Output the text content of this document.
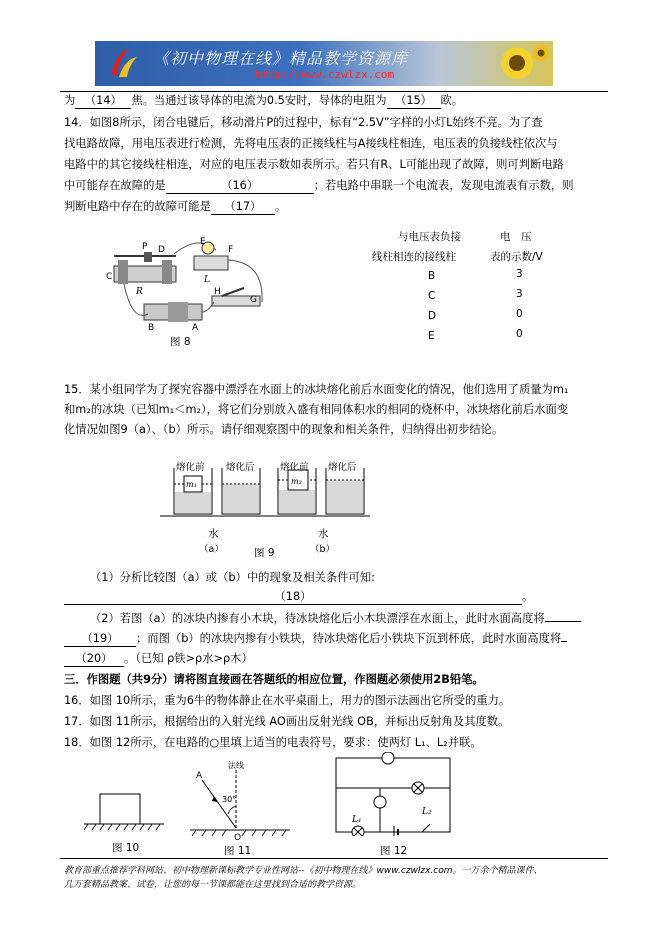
《初中物理在线》精品教学资源库
http://www.czwlzx.com
为 （14） 焦。当通过该导体的电流为0.5安时，导体的电阻为 （15） 欧。
14．如图8所示，闭合电键后，移动滑片P的过程中，标有“2.5V”字样的小灯L始终不亮。为了查
找电路故障，用电压表进行检测，先将电压表的正接线柱与A接线柱相连，电压表的负接线柱依次与
电路中的其它接线柱相连，对应的电压表示数如表所示。若只有R、L可能出现了故障，则可判断电路
中可能存在故障的是	（16）	；若电路中串联一个电流表，发现电流表有示数，则
判断电路中存在的故障可能是 （17） 。
P D
C
R
E
F
L
H
G
B	A
图 8
与电压表负接
线柱相连的接线柱
电　压
表的示数/V
B	3
C	3
D	0
E	0
15．某小组同学为了探究容器中漂浮在水面上的冰块熔化前后水面变化的情况，他们选用了质量为m₁
和m₂的冰块（已知m₁＜m₂），将它们分别放入盛有相同体积水的相同的烧杯中，冰块熔化前后水面变
化情况如图9（a）、（b）所示。请仔细观察图中的现象和相关条件，归纳得出初步结论。
m₁	m₂
熔化前 熔化后	熔化前 熔化后
水	水
（a）	（b）
图 9
（1）分析比较图（a）或（b）中的现象及相关条件可知:
（18）	。
（2）若图（a）的冰块内掺有小木块，待冰块熔化后小木块漂浮在水面上，此时水面高度将
（19） ；而图（b）的冰块内掺有小铁块，待冰块熔化后小铁块下沉到杯底，此时水面高度将
（20） 。（已知 ρ铁>ρ水>ρ木）
三．作图题（共9分）请将图直接画在答题纸的相应位置，作图题必须使用2B铅笔。
16．如图 10所示，重为6牛的物体静止在水平桌面上，用力的图示法画出它所受的重力。
17．如图 11所示，根据给出的入射光线 AO画出反射光线 OB，并标出反射角及其度数。
18．如图 12所示，在电路的○里填上适当的电表符号，要求：使两灯 L₁、L₂并联。
图 10
法线
A
30°
O
图 11
L₁
L₂
图 12
教育部重点推荐学科网站、初中物理新课标教学专业性网站--《初中物理在线》www.czwlzx.com。一万余个精品课件、
几万套精品教案、试卷，让您的每一节课都能在这里找到合适的教学资源。
